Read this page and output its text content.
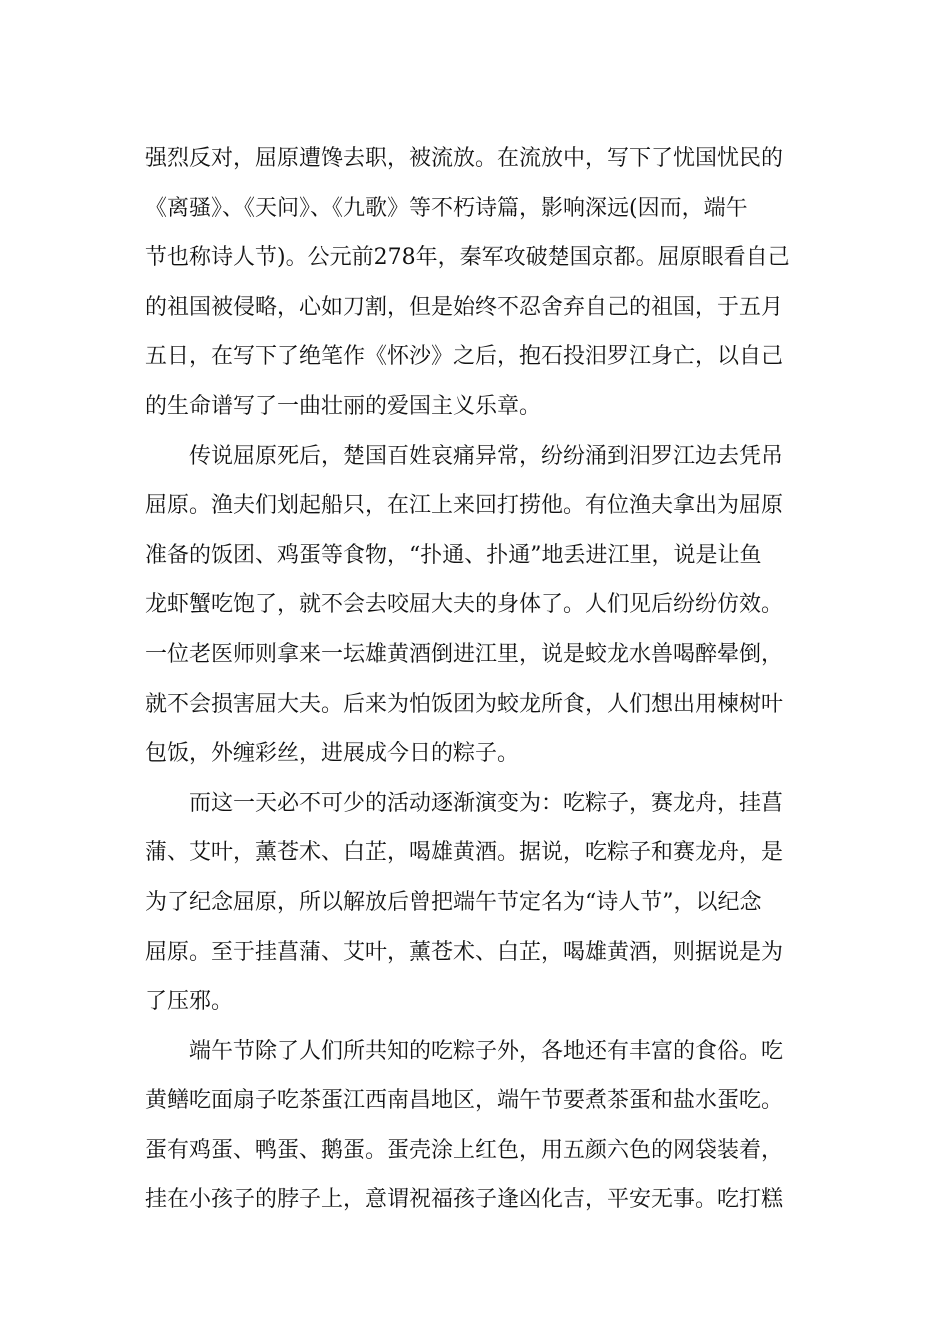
强烈反对，屈原遭馋去职，被流放。在流放中，写下了忧国忧民的
《离骚》、《天问》、《九歌》等不朽诗篇，影响深远(因而，端午
节也称诗人节)。公元前278年，秦军攻破楚国京都。屈原眼看自己
的祖国被侵略，心如刀割，但是始终不忍舍弃自己的祖国，于五月
五日，在写下了绝笔作《怀沙》之后，抱石投汨罗江身亡，以自己
的生命谱写了一曲壮丽的爱国主义乐章。
传说屈原死后，楚国百姓哀痛异常，纷纷涌到汨罗江边去凭吊
屈原。渔夫们划起船只，在江上来回打捞他。有位渔夫拿出为屈原
准备的饭团、鸡蛋等食物，“扑通、扑通”地丢进江里，说是让鱼
龙虾蟹吃饱了，就不会去咬屈大夫的身体了。人们见后纷纷仿效。
一位老医师则拿来一坛雄黄酒倒进江里，说是蛟龙水兽喝醉晕倒，
就不会损害屈大夫。后来为怕饭团为蛟龙所食，人们想出用楝树叶
包饭，外缠彩丝，进展成今日的粽子。
而这一天必不可少的活动逐渐演变为：吃粽子，赛龙舟，挂菖
蒲、艾叶，薰苍术、白芷，喝雄黄酒。据说，吃粽子和赛龙舟，是
为了纪念屈原，所以解放后曾把端午节定名为“诗人节”，以纪念
屈原。至于挂菖蒲、艾叶，薰苍术、白芷，喝雄黄酒，则据说是为
了压邪。
端午节除了人们所共知的吃粽子外，各地还有丰富的食俗。吃
黄鳝吃面扇子吃茶蛋江西南昌地区，端午节要煮茶蛋和盐水蛋吃。
蛋有鸡蛋、鸭蛋、鹅蛋。蛋壳涂上红色，用五颜六色的网袋装着，
挂在小孩子的脖子上，意谓祝福孩子逢凶化吉，平安无事。吃打糕
